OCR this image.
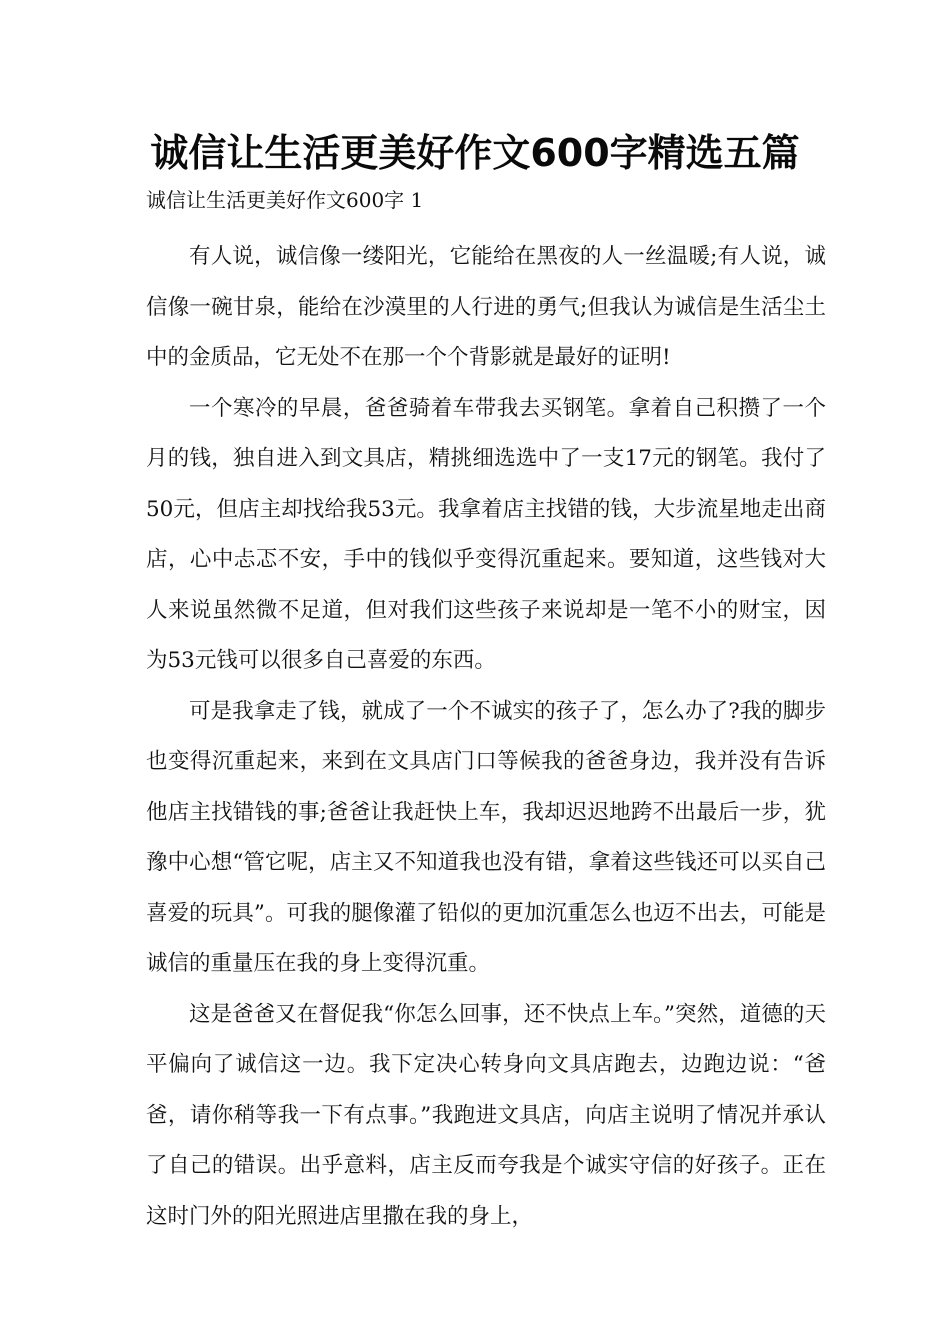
诚信让生活更美好作文600字精选五篇
诚信让生活更美好作文600字 1

有人说，诚信像一缕阳光，它能给在黑夜的人一丝温暖;有人说，诚信像一碗甘泉，能给在沙漠里的人行进的勇气;但我认为诚信是生活尘土中的金质品，它无处不在那一个个背影就是最好的证明!

一个寒冷的早晨，爸爸骑着车带我去买钢笔。拿着自己积攒了一个月的钱，独自进入到文具店，精挑细选选中了一支17元的钢笔。我付了50元，但店主却找给我53元。我拿着店主找错的钱，大步流星地走出商店，心中忐忑不安，手中的钱似乎变得沉重起来。要知道，这些钱对大人来说虽然微不足道，但对我们这些孩子来说却是一笔不小的财宝，因为53元钱可以很多自己喜爱的东西。

可是我拿走了钱，就成了一个不诚实的孩子了，怎么办了?我的脚步也变得沉重起来，来到在文具店门口等候我的爸爸身边，我并没有告诉他店主找错钱的事;爸爸让我赶快上车，我却迟迟地跨不出最后一步，犹豫中心想“管它呢，店主又不知道我也没有错，拿着这些钱还可以买自己喜爱的玩具”。可我的腿像灌了铅似的更加沉重怎么也迈不出去，可能是诚信的重量压在我的身上变得沉重。

这是爸爸又在督促我“你怎么回事，还不快点上车。”突然，道德的天平偏向了诚信这一边。我下定决心转身向文具店跑去，边跑边说：“爸爸，请你稍等我一下有点事。”我跑进文具店，向店主说明了情况并承认了自己的错误。出乎意料，店主反而夸我是个诚实守信的好孩子。正在这时门外的阳光照进店里撒在我的身上，
